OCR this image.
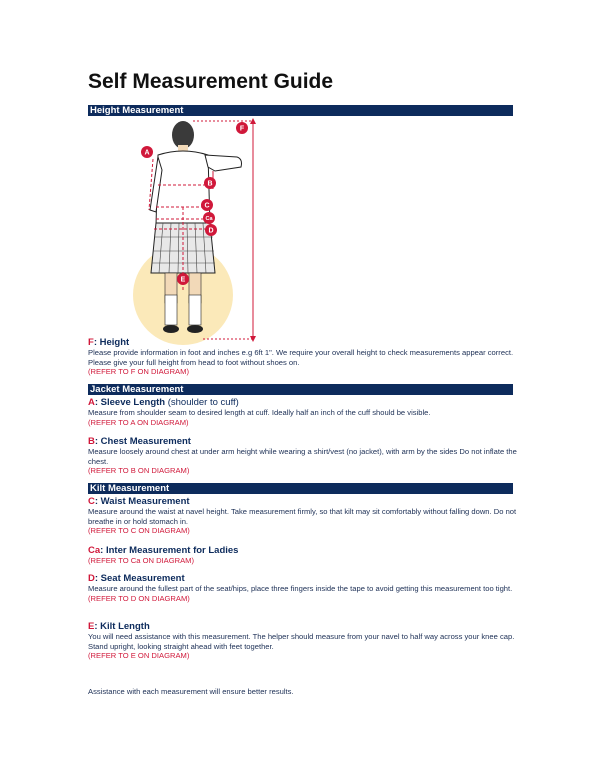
Self Measurement Guide
Height Measurement
A
B
C
Ca
D
E
F
F: Height
Please provide information in foot and inches e.g 6ft 1". We require your overall height to check measurements appear correct. Please give your full height from head to foot without shoes on.
(REFER TO F ON DIAGRAM)
Jacket Measurement
A: Sleeve Length (shoulder to cuff)
Measure from shoulder seam to desired length at cuff. Ideally half an inch of the cuff should be visible.
(REFER TO A ON DIAGRAM)
B: Chest Measurement
Measure loosely around chest at under arm height while wearing a shirt/vest (no jacket), with arm by the sides Do not inflate the chest.
(REFER TO B ON DIAGRAM)
Kilt Measurement
C: Waist Measurement
Measure around the waist at navel height. Take measurement firmly, so that kilt may sit comfortably without falling down. Do not breathe in or hold stomach in.
(REFER TO C ON DIAGRAM)
Ca: Inter Measurement for Ladies
(REFER TO Ca ON DIAGRAM)
D: Seat Measurement
Measure around the fullest part of the seat/hips, place three fingers inside the tape to avoid getting this measurement too tight.
(REFER TO D ON DIAGRAM)
E: Kilt Length
You will need assistance with this measurement. The helper should measure from your navel to half way across your knee cap. Stand upright, looking straight ahead with feet together.
(REFER TO E ON DIAGRAM)
Assistance with each measurement will ensure better results.
